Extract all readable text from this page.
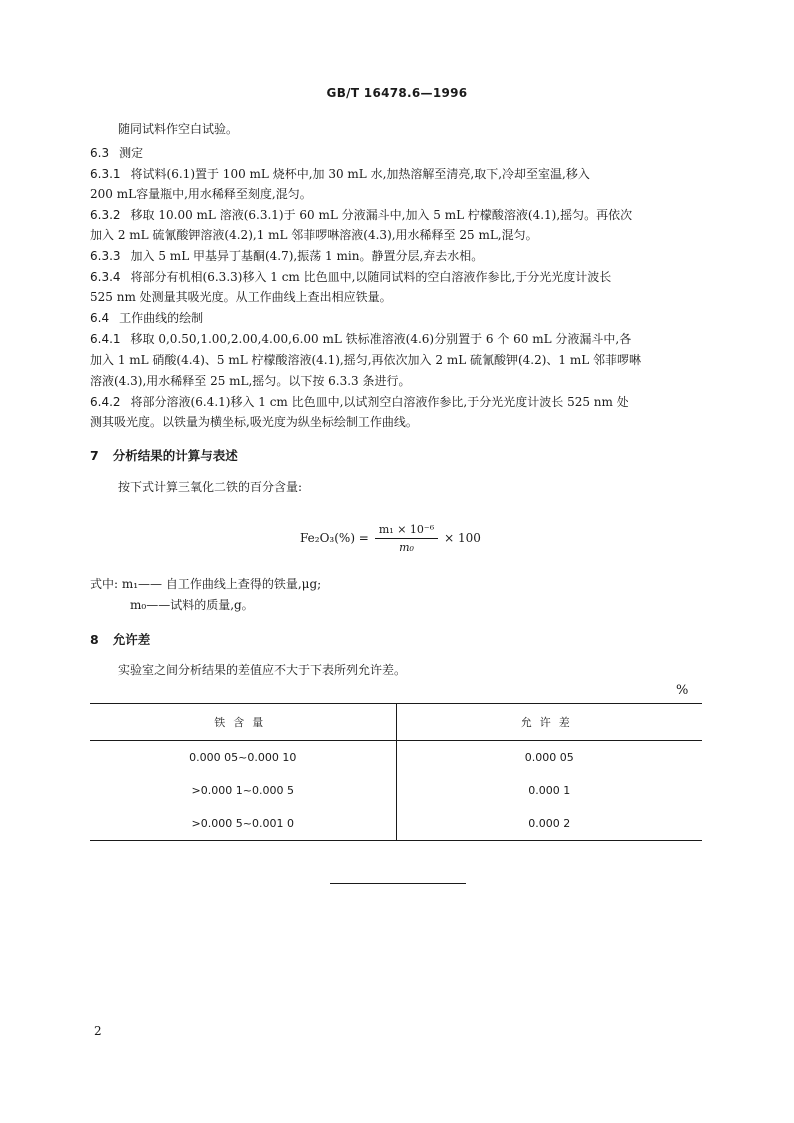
GB/T 16478.6—1996
随同试料作空白试验。
6.3 测定
6.3.1 将试料(6.1)置于 100 mL 烧杯中,加 30 mL 水,加热溶解至清亮,取下,冷却至室温,移入
200 mL容量瓶中,用水稀释至刻度,混匀。
6.3.2 移取 10.00 mL 溶液(6.3.1)于 60 mL 分液漏斗中,加入 5 mL 柠檬酸溶液(4.1),摇匀。再依次
加入 2 mL 硫氰酸钾溶液(4.2),1 mL 邻菲啰啉溶液(4.3),用水稀释至 25 mL,混匀。
6.3.3 加入 5 mL 甲基异丁基酮(4.7),振荡 1 min。静置分层,弃去水相。
6.3.4 将部分有机相(6.3.3)移入 1 cm 比色皿中,以随同试料的空白溶液作参比,于分光光度计波长
525 nm 处测量其吸光度。从工作曲线上查出相应铁量。
6.4 工作曲线的绘制
6.4.1 移取 0,0.50,1.00,2.00,4.00,6.00 mL 铁标准溶液(4.6)分别置于 6 个 60 mL 分液漏斗中,各
加入 1 mL 硝酸(4.4)、5 mL 柠檬酸溶液(4.1),摇匀,再依次加入 2 mL 硫氰酸钾(4.2)、1 mL 邻菲啰啉
溶液(4.3),用水稀释至 25 mL,摇匀。以下按 6.3.3 条进行。
6.4.2 将部分溶液(6.4.1)移入 1 cm 比色皿中,以试剂空白溶液作参比,于分光光度计波长 525 nm 处
测其吸光度。以铁量为横坐标,吸光度为纵坐标绘制工作曲线。
7 分析结果的计算与表述
按下式计算三氧化二铁的百分含量:
$Fe_2O_3(\%) = \frac{\text{m₁ × 10⁻⁶}}{\text{m₀}} \times 100$
式中: m₁—— 自工作曲线上查得的铁量,μg;
m₀——试料的质量,g。
8 允许差
实验室之间分析结果的差值应不大于下表所列允许差。
%
铁含量	允许差
0.000 05~0.000 10	0.000 05
>0.000 1~0.000 5	0.000 1
>0.000 5~0.001 0	0.000 2
2
